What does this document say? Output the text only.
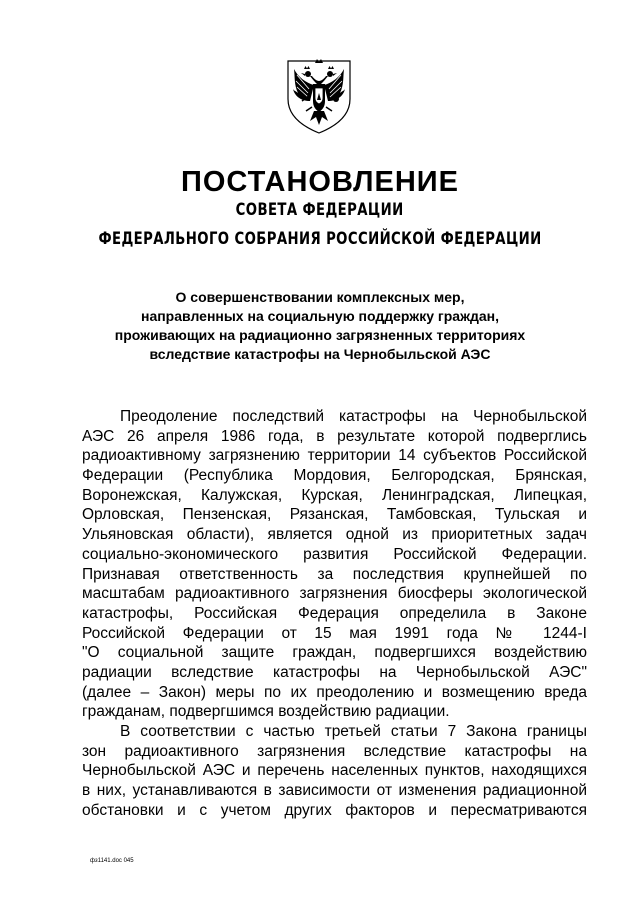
ПОСТАНОВЛЕНИЕ
СОВЕТА ФЕДЕРАЦИИ
ФЕДЕРАЛЬНОГО СОБРАНИЯ РОССИЙСКОЙ ФЕДЕРАЦИИ
О совершенствовании комплексных мер,
направленных на социальную поддержку граждан,
проживающих на радиационно загрязненных территориях
вследствие катастрофы на Чернобыльской АЭС
Преодоление последствий катастрофы на Чернобыльской
АЭС 26 апреля 1986 года, в результате которой подверглись
радиоактивному загрязнению территории 14 субъектов Российской
Федерации (Республика Мордовия, Белгородская, Брянская,
Воронежская, Калужская, Курская, Ленинградская, Липецкая,
Орловская, Пензенская, Рязанская, Тамбовская, Тульская и
Ульяновская области), является одной из приоритетных задач
социально-экономического развития Российской Федерации.
Признавая ответственность за последствия крупнейшей по
масштабам радиоактивного загрязнения биосферы экологической
катастрофы, Российская Федерация определила в Законе
Российской Федерации от 15 мая 1991 года № 1244-I
"О социальной защите граждан, подвергшихся воздействию
радиации вследствие катастрофы на Чернобыльской АЭС"
(далее – Закон) меры по их преодолению и возмещению вреда
гражданам, подвергшимся воздействию радиации.
В соответствии с частью третьей статьи 7 Закона границы
зон радиоактивного загрязнения вследствие катастрофы на
Чернобыльской АЭС и перечень населенных пунктов, находящихся
в них, устанавливаются в зависимости от изменения радиационной
обстановки и с учетом других факторов и пересматриваются
фз1141.doc 045
